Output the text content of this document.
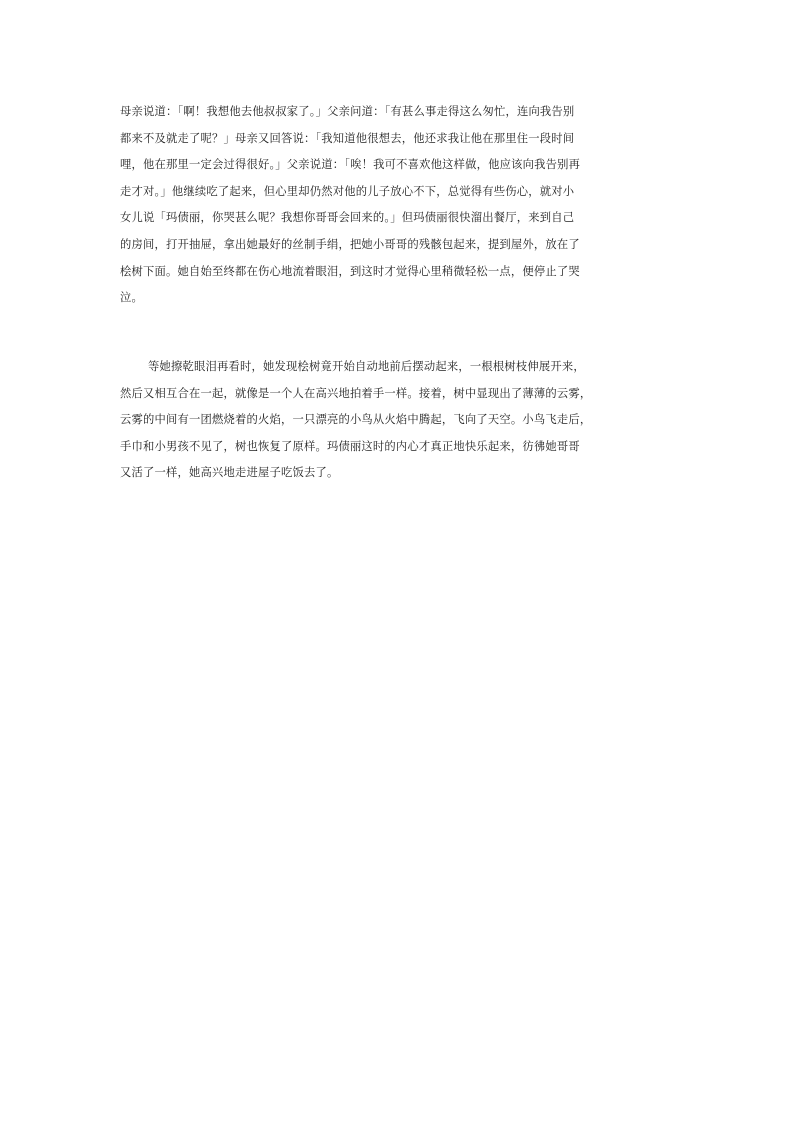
母亲说道：「啊！我想他去他叔叔家了。」父亲问道：「有甚么事走得这么匆忙，连向我告别
都来不及就走了呢？」母亲又回答说：「我知道他很想去，他还求我让他在那里住一段时间
哩，他在那里一定会过得很好。」父亲说道：「唉！我可不喜欢他这样做，他应该向我告别再
走才对。」他继续吃了起来，但心里却仍然对他的儿子放心不下，总觉得有些伤心，就对小
女儿说「玛债丽，你哭甚么呢？我想你哥哥会回来的。」但玛债丽很快溜出餐厅，来到自己
的房间，打开抽屉，拿出她最好的丝制手绢，把她小哥哥的残骸包起来，提到屋外，放在了
桧树下面。她自始至终都在伤心地流着眼泪，到这时才觉得心里稍微轻松一点，便停止了哭
泣。
等她擦乾眼泪再看时，她发现桧树竟开始自动地前后摆动起来，一根根树枝伸展开来，
然后又相互合在一起，就像是一个人在高兴地拍着手一样。接着，树中显现出了薄薄的云雾，
云雾的中间有一团燃烧着的火焰，一只漂亮的小鸟从火焰中腾起，飞向了天空。小鸟飞走后，
手巾和小男孩不见了，树也恢复了原样。玛债丽这时的内心才真正地快乐起来，彷彿她哥哥
又活了一样，她高兴地走进屋子吃饭去了。
